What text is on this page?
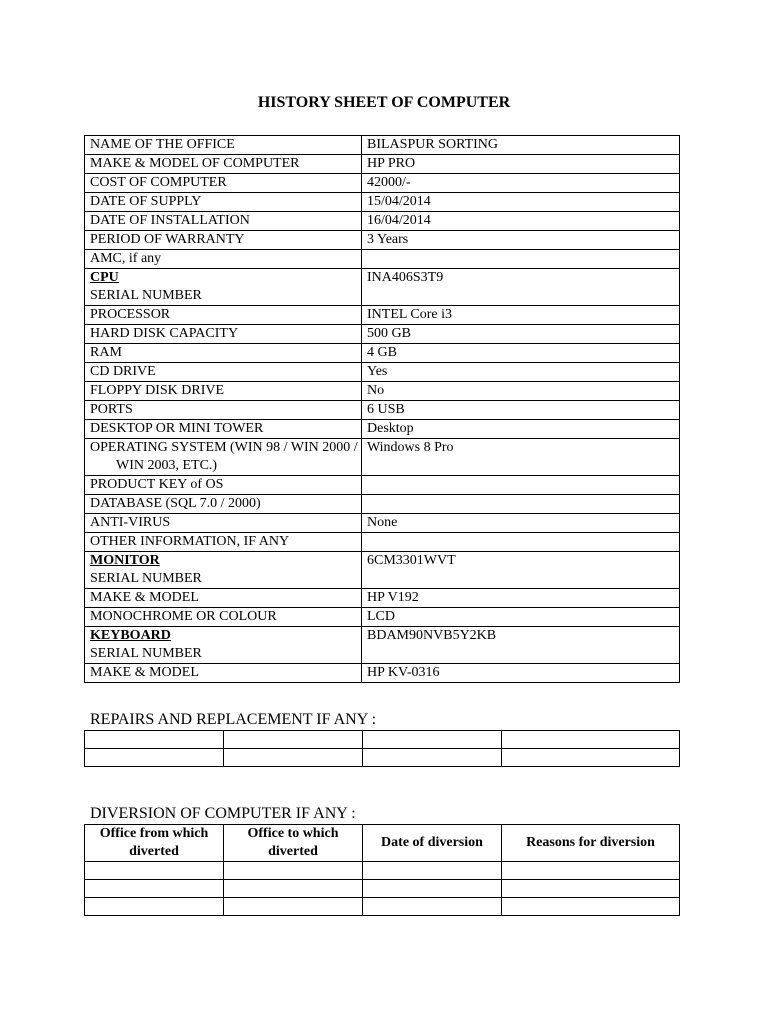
HISTORY SHEET OF COMPUTER
NAME OF THE OFFICE	BILASPUR SORTING
MAKE & MODEL OF COMPUTER	HP PRO
COST OF COMPUTER	42000/-
DATE OF SUPPLY	15/04/2014
DATE OF INSTALLATION	16/04/2014
PERIOD OF WARRANTY	3 Years
AMC, if any	

CPU
SERIAL NUMBER	INA406S3T9
PROCESSOR	INTEL Core i3
HARD DISK CAPACITY	500 GB
RAM	4 GB
CD DRIVE	Yes
FLOPPY DISK DRIVE	No
PORTS	6 USB
DESKTOP OR MINI TOWER	Desktop

OPERATING SYSTEM (WIN 98 / WIN 2000 / WIN 2003, ETC.)	Windows 8 Pro
PRODUCT KEY of OS	
DATABASE (SQL 7.0 / 2000)	
ANTI-VIRUS	None
OTHER INFORMATION, IF ANY	

MONITOR
SERIAL NUMBER	6CM3301WVT
MAKE & MODEL	HP V192
MONOCHROME OR COLOUR	LCD

KEYBOARD
SERIAL NUMBER	BDAM90NVB5Y2KB
MAKE & MODEL	HP KV-0316
REPAIRS AND REPLACEMENT IF ANY :

DIVERSION OF COMPUTER IF ANY :
Office from which diverted	Office to which diverted	Date of diversion	Reasons for diversion
